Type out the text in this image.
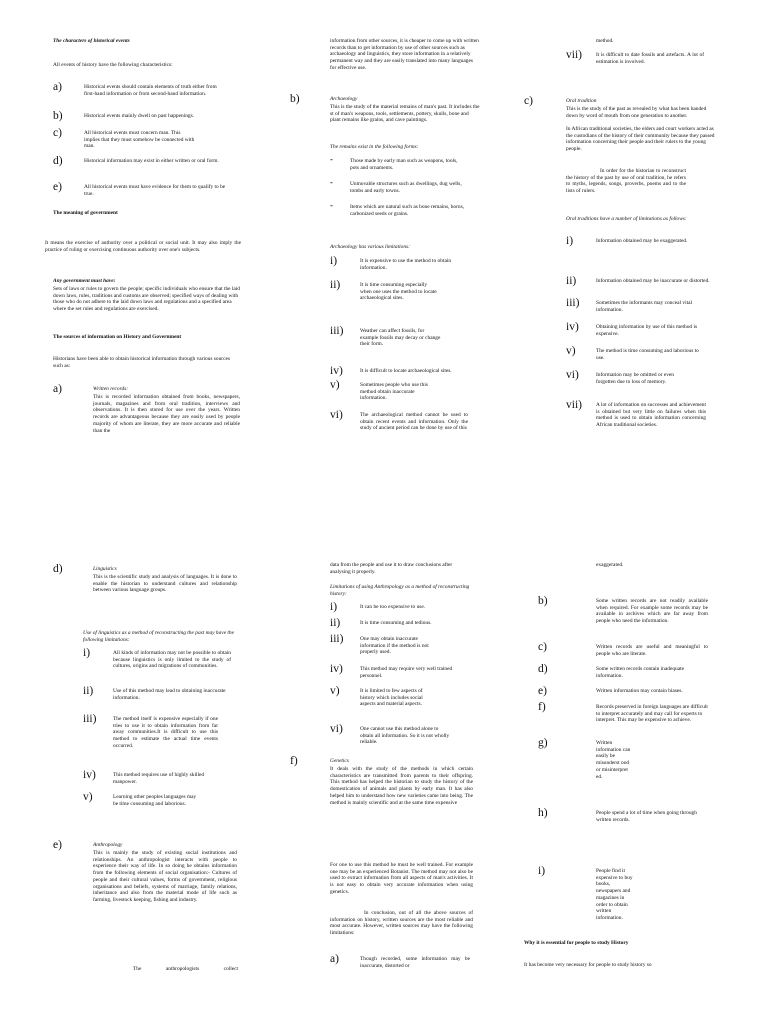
The characters of historical events

All events of history have the following characteristics:

a)	Historical events should contain elements of truth either from first-hand information or from second-hand information.
b)	Historical events mainly dwell on past happenings.
c)	All historical events must concern man. This implies that they must somehow be connected with man.
d)	Historical information may exist in either written or oral form.
e)	All historical events must have evidence for them to qualify to be true.

The meaning of government

It means the exercise of authority over a political or social unit. It may also imply the practice of ruling or exercising continuous authority over one's subjects.

Any government must have:

Sets of laws or rules to govern the people; specific individuals who ensure that the laid down laws, rules, traditions and customs are observed; specified ways of dealing with those who do not adhere to the laid down laws and regulations and a specified area where the set rules and regulations are exercised.

The sources of information on History and Government

Historians have been able to obtain historical information through various sources such as:

a)	Written records:
This is recorded information obtained from books, newspapers, journals, magazines and from oral tradition, interviews and observations. It is then stored for use over the years. Written records are advantageous because they are easily used by people majority of whom are literate, they are more accurate and reliable than the

information from other sources, it is cheaper to come up with written records than to get information by use of other sources such as archaeology and linguistics, they store information in a relatively permanent way and they are easily translated into many languages for effective use.

b)	Archaeology
This is the study of the material remains of man's past. It includes the st of man's weapons, tools, settlements, pottery, skulls, bone and plant remains like grains, and cave paintings.

The remains exist in the following forms:

-	Those made by early man such as weapons, tools, pots and ornaments.
-	Unmovable structures such as dwellings, dug wells, tombs and early towns.
-	Items which are natural such as bone remains, horns, carbonized seeds or grains.

Archaeology has various limitations:

i)	It is expensive to use the method to obtain information.
ii)	It is time consuming especially when one uses the method to locate archaeological sites.
iii)	Weather can affect fossils, for example fossils may decay or change their form.
iv)	It is difficult to locate archaeological sites.
v)	Sometimes people who use this method obtain inaccurate information.
vi)	The archaeological method cannot be used to obtain recent events and information. Only the study of ancient period can be done by use of this

method.

vii)	It is difficult to date fossils and artefacts. A lot of estimation is involved.
c)	Oral tradition
This is the study of the past as revealed by what has been handed down by word of mouth from one generation to another.
In African traditional societies, the elders and court workers acted as the custodians of the history of their community because they passed information concerning their people and their rulers to the young people.
In order for the historian to reconstruct the history of the past by use of oral tradition, he refers to myths, legends, songs, proverbs, poems and to the lists of rulers.

Oral traditions have a number of limitations as follows:

i)	Information obtained may be exaggerated.
ii)	Information obtained may be inaccurate or distorted.
iii)	Sometimes the informants may conceal vital information.
iv)	Obtaining information by use of this method is expensive.
v)	The method is time consuming and laborious to use.
vi)	Information may be omitted or even forgotten due to loss of memory.
vii)	A lot of information on successes and achievement is obtained but very little on failures when this method is used to obtain information concerning African traditional societies.
d)	Linguistics
This is the scientific study and analysis of languages. It is done to enable the historian to understand cultures and relationship between various language groups.

Use of linguistics as a method of reconstructing the past may have the following limitations:

i)	All kinds of information may not be possible to obtain because linguistics is only limited to the study of cultures, origins and migrations of communities.
ii)	Use of this method may lead to obtaining inaccurate information.
iii)	The method itself is expensive especially if one tries to use it to obtain information from far away communities.It is difficult to use this method to estimate the actual time events occurred.
iv)	This method requires use of highly skilled manpower.
v)	Learning other peoples languages may be time consuming and laborious.
e)	Anthropology
This is mainly the study of existing social institutions and relationships. An anthropologist interacts with people to experience their way of life. In so doing he obtains information from the following elements of social organisation:- Cultures of people and their cultural values, forms of government, religious organisations and beliefs, systems of marriage, family relations, inheritance and also from the material mode of life such as farming, livestock keeping, fishing and industry.

The anthropologists collect

data from the people and use it to draw conclusions after analysing it properly.

Limitations of using Anthropology as a method of reconstructing history:

i)	It can be too expensive to use.
ii)	It is time consuming and tedious.
iii)	One may obtain inaccurate information if the method is not properly used.
iv)	This method may require very well trained personnel.
v)	It is limited to few aspects of history which includes social aspects and material aspects.
vi)	One cannot use this method alone to obtain all information. So it is not wholly reliable.
f)	Genetics
It deals with the study of the methods in which certain characteristics are transmitted from parents to their offspring. This method has helped the historian to study the history of the domestication of animals and plants by early man. It has also helped him to understand how new varieties came into being. The method is mainly scientific and at the same time expensive

For one to use this method he must be well trained. For example one may be an experienced Botanist. The method may not also be used to extract information from all aspects of man's activities. It is not easy to obtain very accurate information when using genetics.

In conclusion, out of all the above sources of information on history, written sources are the most reliable and most accurate. However, written sources may have the following limitations:

a)	Though recorded, some information may be inaccurate, distorted or

exaggerated.

b)	Some written records are not readily available when required. For example some records may be available in archives which are far away from people who need the information.
c)	Written records are useful and meaningful to people who are literate.
d)	Some written records contain inadequate information.
e)	Written information may contain biases.
f)	Records preserved in foreign languages are difficult to interpret accurately and may call for experts to interpret. This may be expensive to achieve.
h)	People spend a lot of time when going through written records.
g)	Written information can easily be misunderst ood or misinterpret ed.
i)	People find it expensive to buy books, newspapers and magazines in order to obtain written information.

Why it is essential for people to study History

It has become very necessary for people to study history so
